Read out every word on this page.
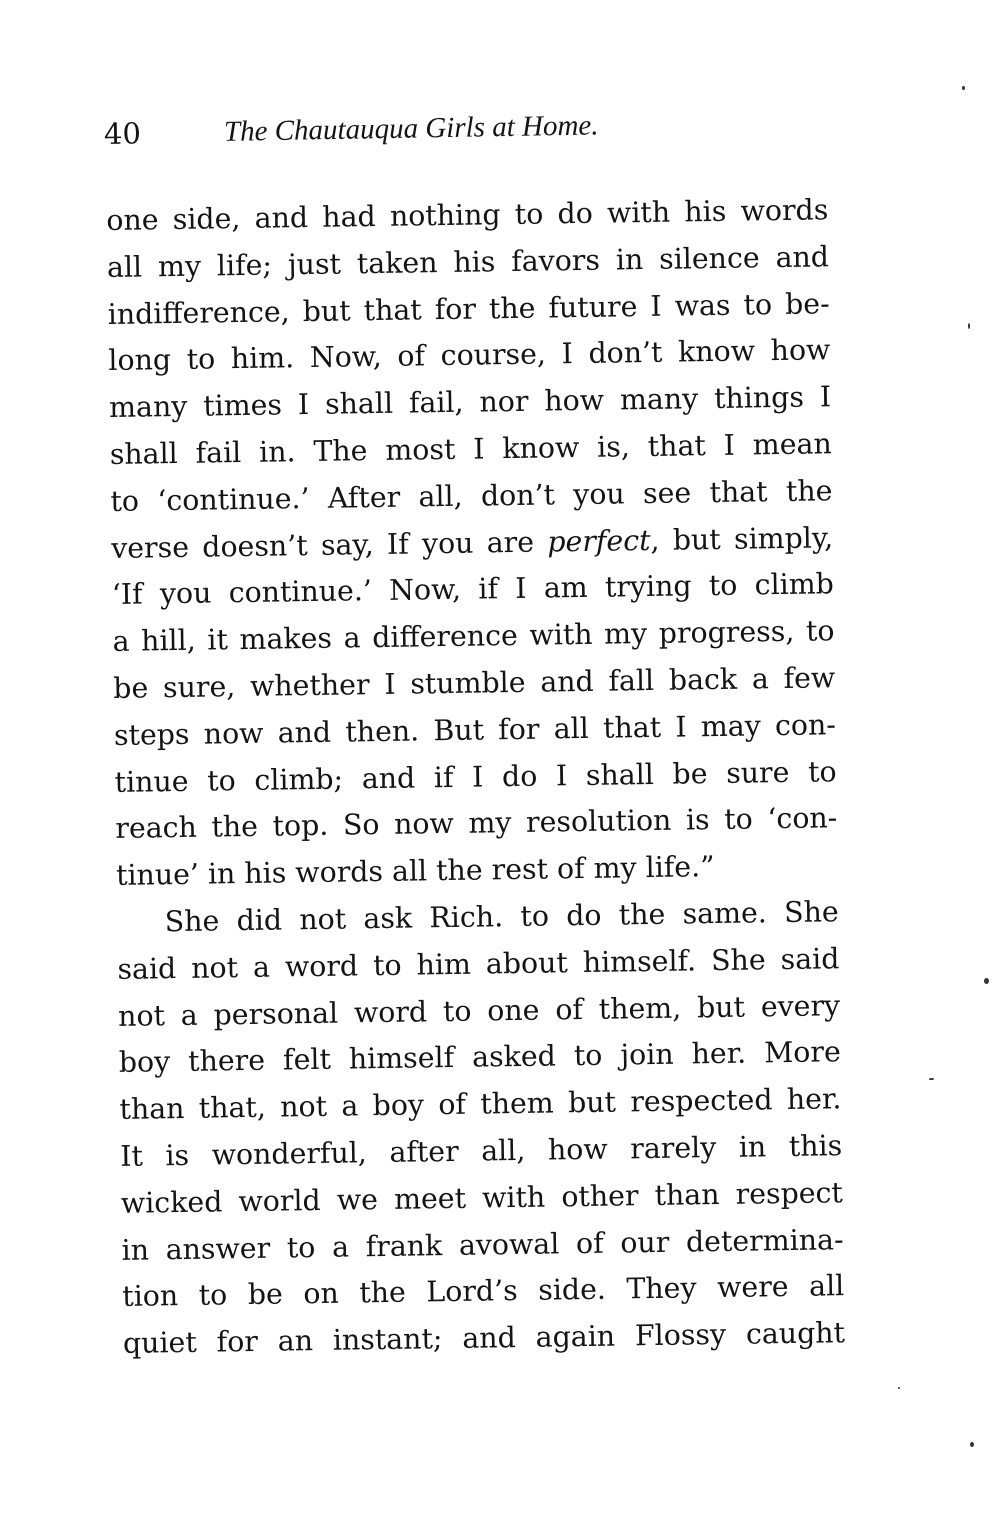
40	The Chautauqua Girls at Home.
one side, and had nothing to do with his words
all my life; just taken his favors in silence and
indifference, but that for the future I was to be-
long to him. Now, of course, I don’t know how
many times I shall fail, nor how many things I
shall fail in. The most I know is, that I mean
to ‘continue.’ After all, don’t you see that the
verse doesn’t say, If you are perfect, but simply,
‘If you continue.’ Now, if I am trying to climb
a hill, it makes a difference with my progress, to
be sure, whether I stumble and fall back a few
steps now and then. But for all that I may con-
tinue to climb; and if I do I shall be sure to
reach the top. So now my resolution is to ‘con-
tinue’ in his words all the rest of my life.”
She did not ask Rich. to do the same. She
said not a word to him about himself. She said
not a personal word to one of them, but every
boy there felt himself asked to join her. More
than that, not a boy of them but respected her.
It is wonderful, after all, how rarely in this
wicked world we meet with other than respect
in answer to a frank avowal of our determina-
tion to be on the Lord’s side. They were all
quiet for an instant; and again Flossy caught
